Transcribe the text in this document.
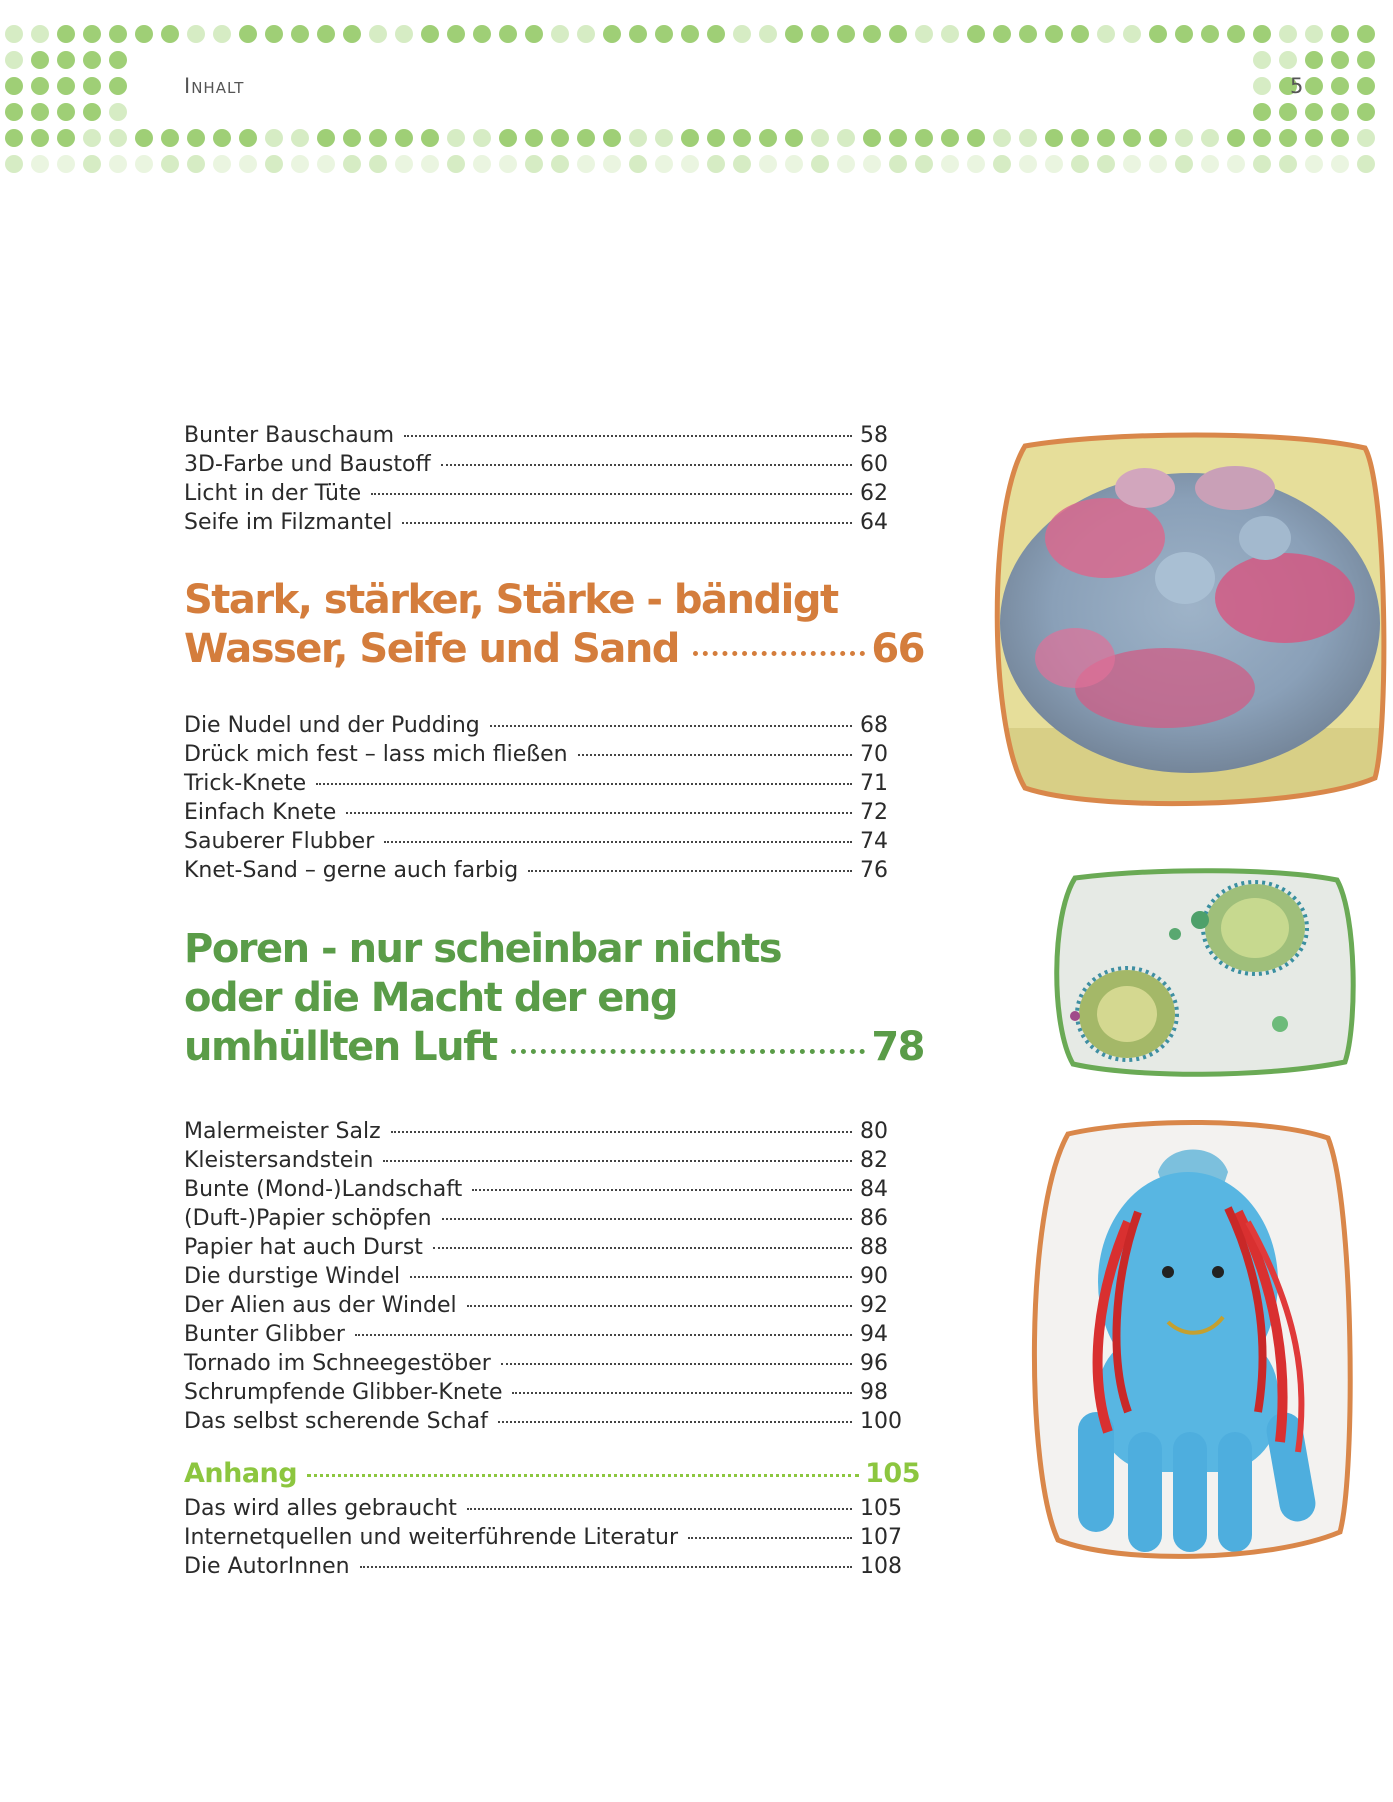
Inhalt	5
Bunter Bauschaum	58
3D-Farbe und Baustoff	60
Licht in der Tüte	62
Seife im Filzmantel	64
Stark, stärker, Stärke - bändigt
Wasser, Seife und Sand	66
Die Nudel und der Pudding	68
Drück mich fest – lass mich fließen	70
Trick-Knete	71
Einfach Knete	72
Sauberer Flubber	74
Knet-Sand – gerne auch farbig	76
Poren - nur scheinbar nichts
oder die Macht der eng
umhüllten Luft	78
Malermeister Salz	80
Kleistersandstein	82
Bunte (Mond-)Landschaft	84
(Duft-)Papier schöpfen	86
Papier hat auch Durst	88
Die durstige Windel	90
Der Alien aus der Windel	92
Bunter Glibber	94
Tornado im Schneegestöber	96
Schrumpfende Glibber-Knete	98
Das selbst scherende Schaf	100
Anhang	105
Das wird alles gebraucht	105
Internetquellen und weiterführende Literatur	107
Die AutorInnen	108
